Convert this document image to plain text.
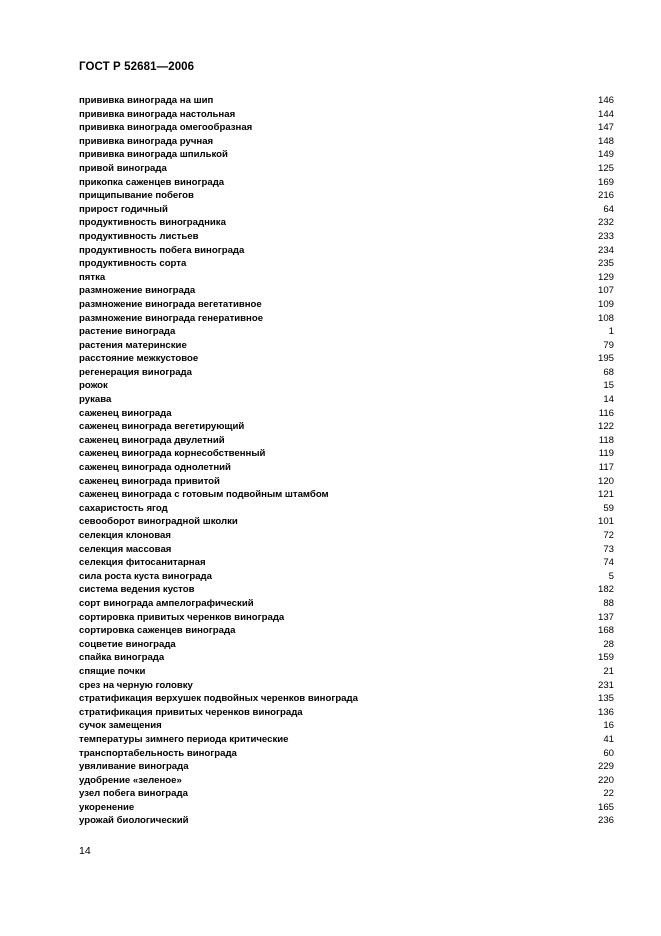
ГОСТ Р 52681—2006
прививка винограда на шип	146
прививка винограда настольная	144
прививка винограда омегообразная	147
прививка винограда ручная	148
прививка винограда шпилькой	149
привой винограда	125
прикопка саженцев винограда	169
прищипывание побегов	216
прирост годичный	64
продуктивность виноградника	232
продуктивность листьев	233
продуктивность побега винограда	234
продуктивность сорта	235
пятка	129
размножение винограда	107
размножение винограда вегетативное	109
размножение винограда генеративное	108
растение винограда	1
растения материнские	79
расстояние межкустовое	195
регенерация винограда	68
рожок	15
рукава	14
саженец винограда	116
саженец винограда вегетирующий	122
саженец винограда двулетний	118
саженец винограда корнесобственный	119
саженец винограда однолетний	117
саженец винограда привитой	120
саженец винограда с готовым подвойным штамбом	121
сахаристость ягод	59
севооборот виноградной школки	101
селекция клоновая	72
селекция массовая	73
селекция фитосанитарная	74
сила роста куста винограда	5
система ведения кустов	182
сорт винограда ампелографический	88
сортировка привитых черенков винограда	137
сортировка саженцев винограда	168
соцветие винограда	28
спайка винограда	159
спящие почки	21
срез на черную головку	231
стратификация верхушек подвойных черенков винограда	135
стратификация привитых черенков винограда	136
сучок замещения	16
температуры зимнего периода критические	41
транспортабельность винограда	60
увяливание винограда	229
удобрение «зеленое»	220
узел побега винограда	22
укоренение	165
урожай биологический	236
14
